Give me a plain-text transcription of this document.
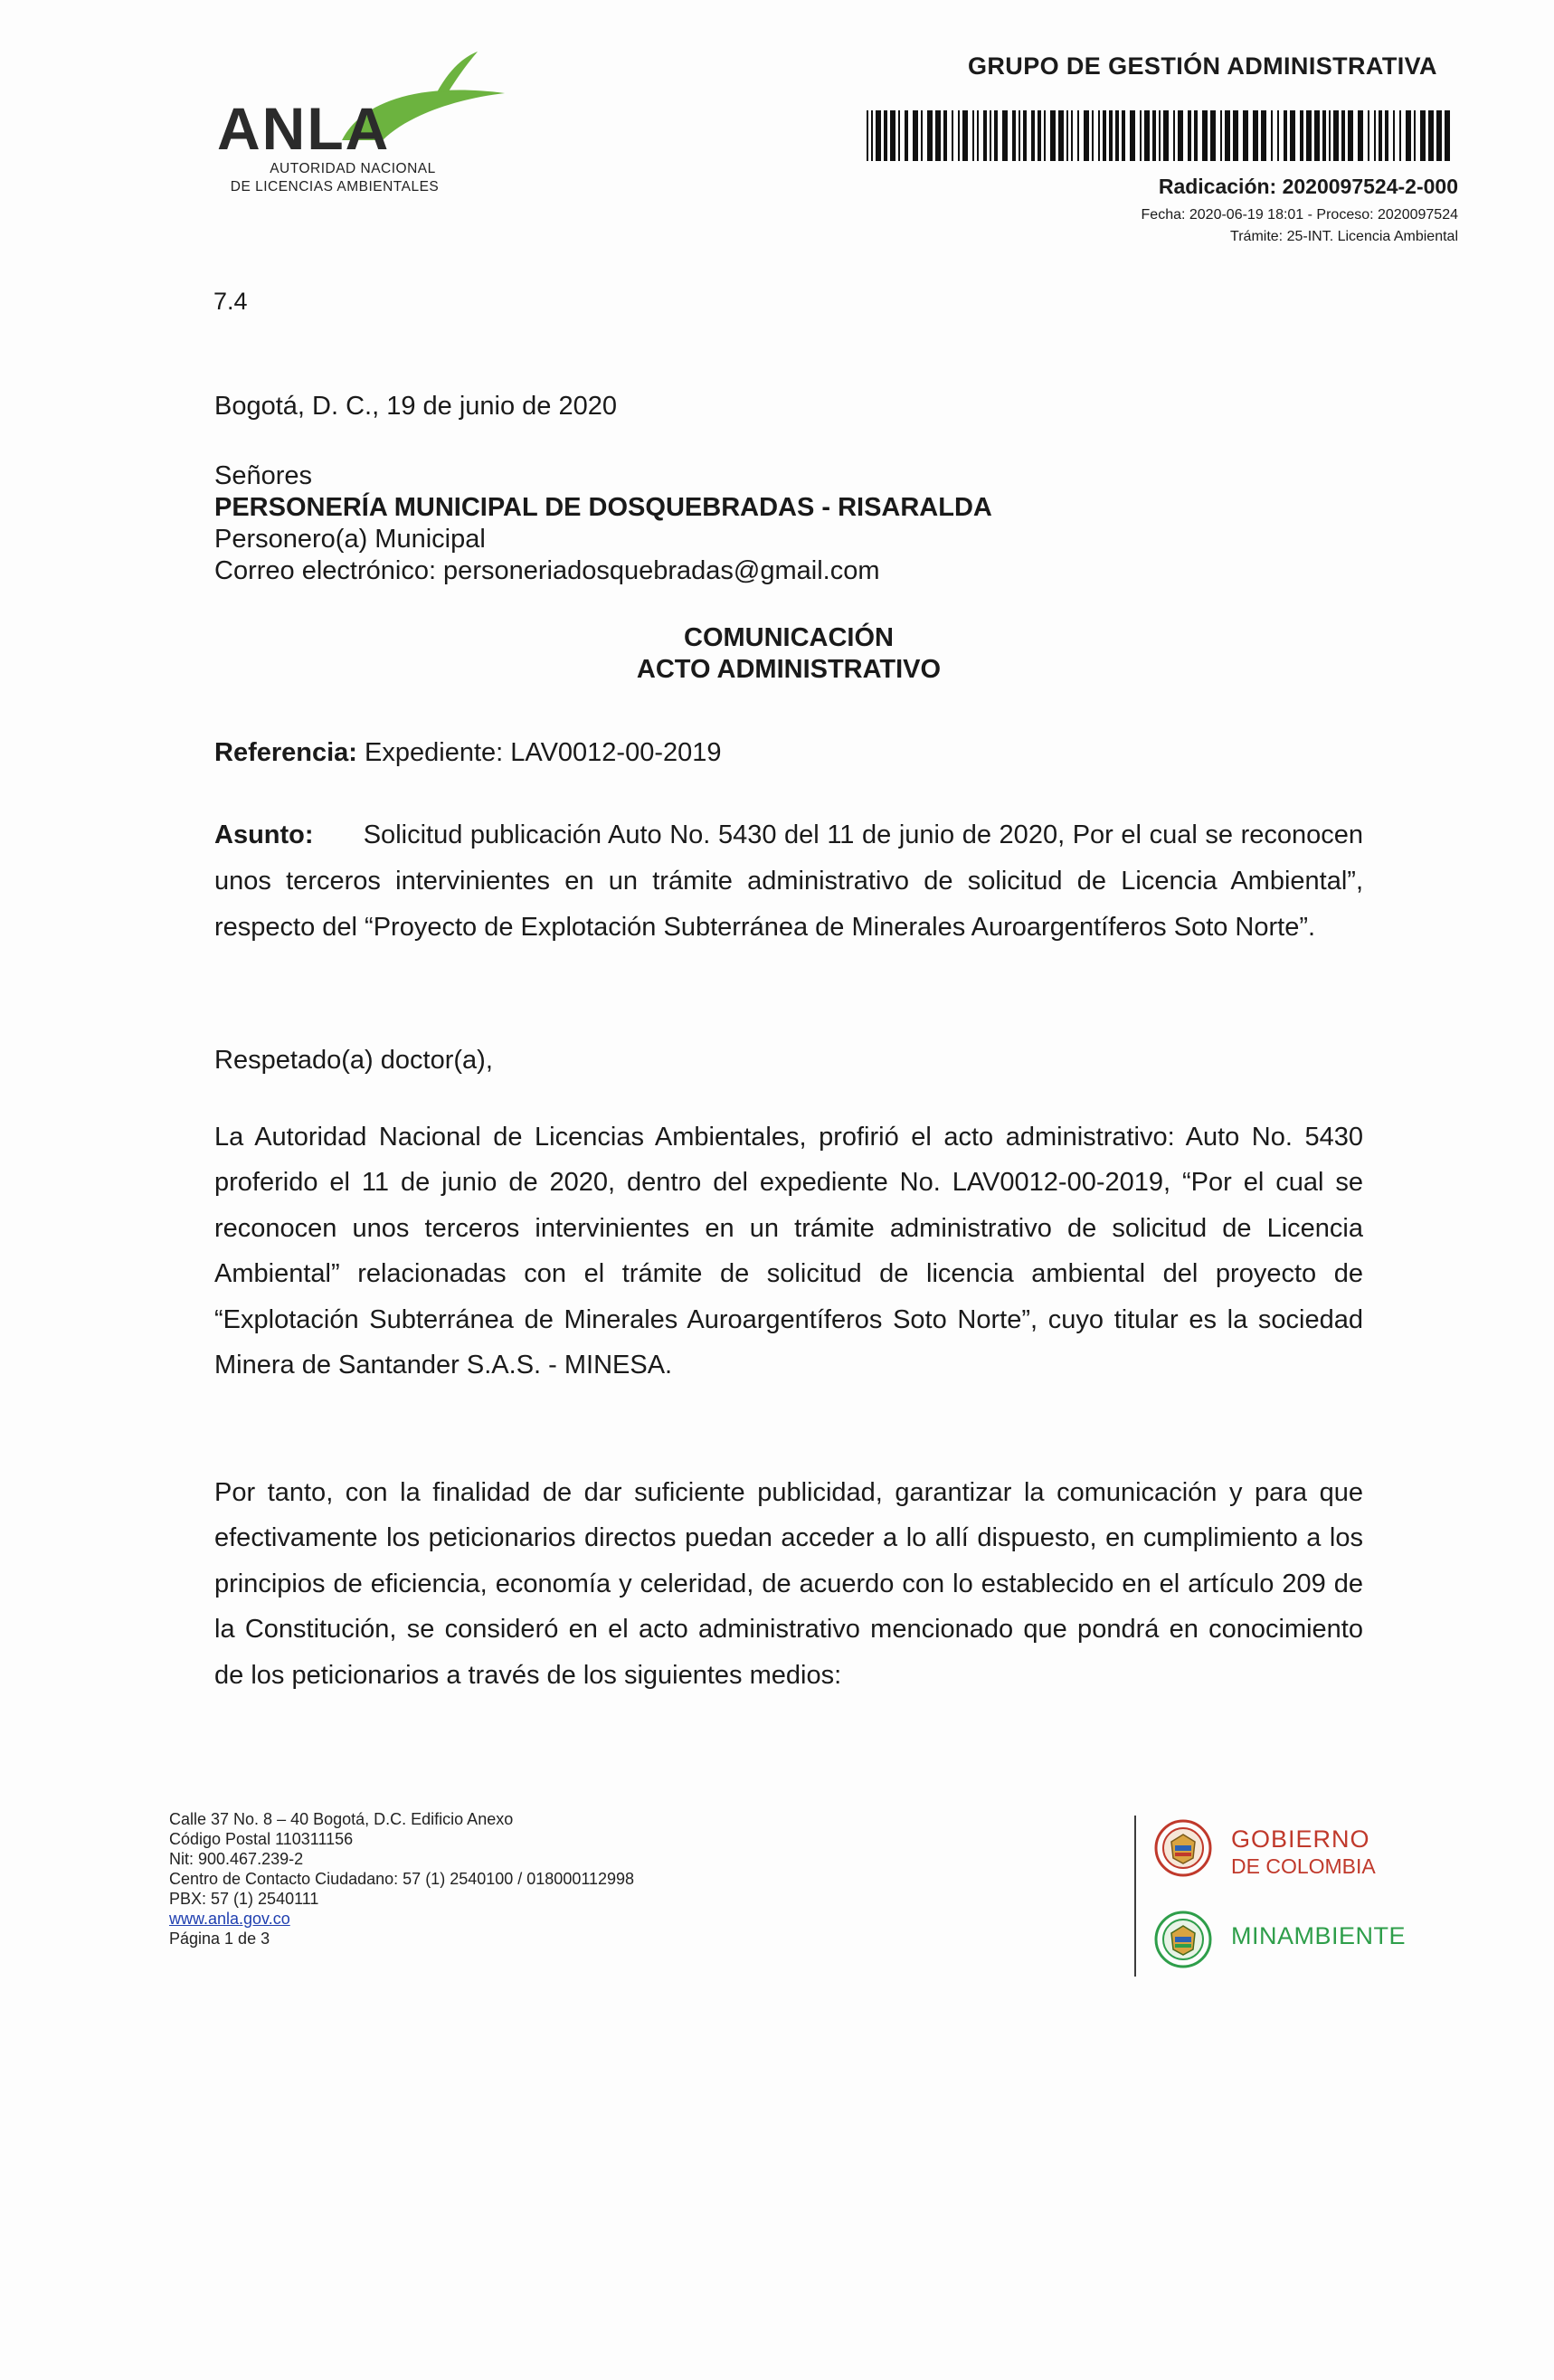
ANLA
AUTORIDAD NACIONAL
DE LICENCIAS AMBIENTALES
GRUPO DE GESTIÓN ADMINISTRATIVA
Radicación: 2020097524-2-000
Fecha: 2020-06-19 18:01 - Proceso: 2020097524
Trámite: 25-INT. Licencia Ambiental
7.4
Bogotá, D. C., 19 de junio de 2020
Señores
PERSONERÍA MUNICIPAL DE DOSQUEBRADAS - RISARALDA
Personero(a) Municipal
Correo electrónico: personeriadosquebradas@gmail.com
COMUNICACIÓN
ACTO ADMINISTRATIVO
Referencia: Expediente: LAV0012-00-2019
Asunto: Solicitud publicación Auto No. 5430 del 11 de junio de 2020, Por el cual se reconocen unos terceros intervinientes en un trámite administrativo de solicitud de Licencia Ambiental”, respecto del “Proyecto de Explotación Subterránea de Minerales Auroargentíferos Soto Norte”.
Respetado(a) doctor(a),
La Autoridad Nacional de Licencias Ambientales, profirió el acto administrativo: Auto No. 5430 proferido el 11 de junio de 2020, dentro del expediente No. LAV0012-00-2019, “Por el cual se reconocen unos terceros intervinientes en un trámite administrativo de solicitud de Licencia Ambiental” relacionadas con el trámite de solicitud de licencia ambiental del proyecto de “Explotación Subterránea de Minerales Auroargentíferos Soto Norte”, cuyo titular es la sociedad Minera de Santander S.A.S. - MINESA.
Por tanto, con la finalidad de dar suficiente publicidad, garantizar la comunicación y para que efectivamente los peticionarios directos puedan acceder a lo allí dispuesto, en cumplimiento a los principios de eficiencia, economía y celeridad, de acuerdo con lo establecido en el artículo 209 de la Constitución, se consideró en el acto administrativo mencionado que pondrá en conocimiento de los peticionarios a través de los siguientes medios:
Calle 37 No. 8 – 40 Bogotá, D.C. Edificio Anexo
Código Postal 110311156
Nit: 900.467.239-2
Centro de Contacto Ciudadano: 57 (1) 2540100 / 018000112998
PBX: 57 (1) 2540111
www.anla.gov.co
Página 1 de 3
GOBIERNO
DE COLOMBIA
MINAMBIENTE
